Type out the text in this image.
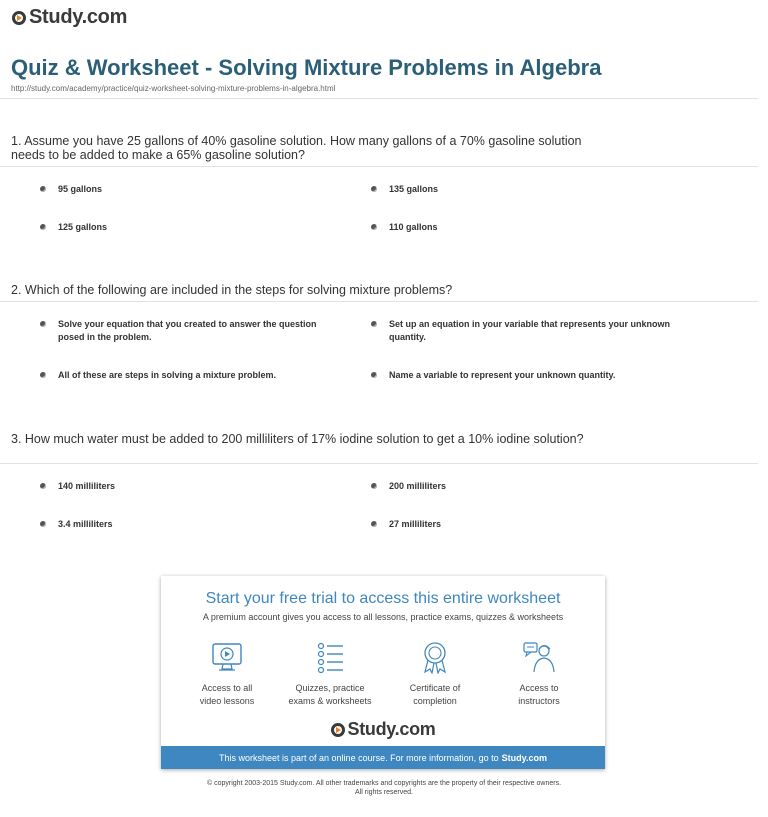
Study.com
Quiz & Worksheet - Solving Mixture Problems in Algebra
http://study.com/academy/practice/quiz-worksheet-solving-mixture-problems-in-algebra.html
1. Assume you have 25 gallons of 40% gasoline solution. How many gallons of a 70% gasoline solution needs to be added to make a 65% gasoline solution?
95 gallons	135 gallons
125 gallons	110 gallons
2. Which of the following are included in the steps for solving mixture problems?
Solve your equation that you created to answer the question posed in the problem.
Set up an equation in your variable that represents your unknown quantity.
All of these are steps in solving a mixture problem.	Name a variable to represent your unknown quantity.
3. How much water must be added to 200 milliliters of 17% iodine solution to get a 10% iodine solution?
140 milliliters	200 milliliters
3.4 milliliters	27 milliliters
Start your free trial to access this entire worksheet
A premium account gives you access to all lessons, practice exams, quizzes & worksheets
Access to all
video lessons
Quizzes, practice
exams & worksheets
Certificate of
completion
Access to
instructors
Study.com
This worksheet is part of an online course. For more information, go to Study.com
© copyright 2003-2015 Study.com. All other trademarks and copyrights are the property of their respective owners.
All rights reserved.
